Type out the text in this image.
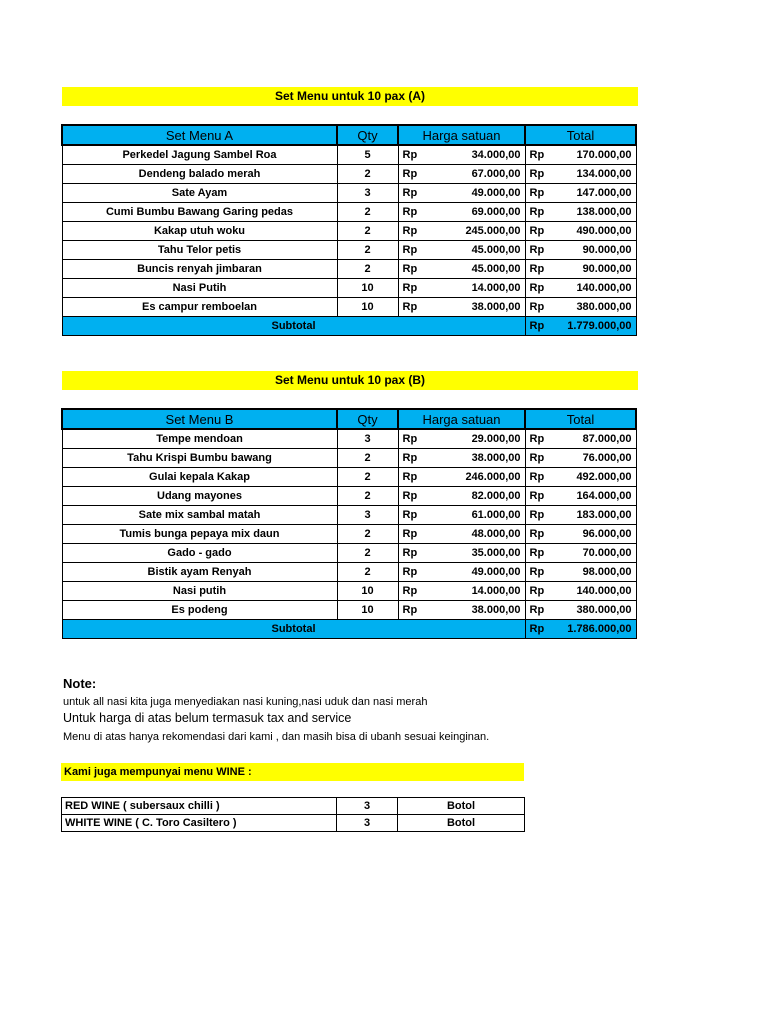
Set Menu untuk 10 pax (A)
Set Menu A	Qty	Harga satuan		Total	
Perkedel Jagung Sambel Roa	5	Rp	34.000,00	Rp	170.000,00
Dendeng balado merah	2	Rp	67.000,00	Rp	134.000,00
Sate Ayam	3	Rp	49.000,00	Rp	147.000,00
Cumi Bumbu Bawang Garing pedas	2	Rp	69.000,00	Rp	138.000,00
Kakap utuh woku	2	Rp	245.000,00	Rp	490.000,00
Tahu Telor petis	2	Rp	45.000,00	Rp	90.000,00
Buncis renyah jimbaran	2	Rp	45.000,00	Rp	90.000,00
Nasi Putih	10	Rp	14.000,00	Rp	140.000,00
Es campur remboelan	10	Rp	38.000,00	Rp	380.000,00
Subtotal				Rp	1.779.000,00
Set Menu untuk 10 pax (B)
Set Menu B	Qty	Harga satuan		Total	
Tempe mendoan	3	Rp	29.000,00	Rp	87.000,00
Tahu Krispi Bumbu bawang	2	Rp	38.000,00	Rp	76.000,00
Gulai kepala Kakap	2	Rp	246.000,00	Rp	492.000,00
Udang mayones	2	Rp	82.000,00	Rp	164.000,00
Sate mix sambal matah	3	Rp	61.000,00	Rp	183.000,00
Tumis bunga pepaya mix daun	2	Rp	48.000,00	Rp	96.000,00
Gado - gado	2	Rp	35.000,00	Rp	70.000,00
Bistik ayam Renyah	2	Rp	49.000,00	Rp	98.000,00
Nasi putih	10	Rp	14.000,00	Rp	140.000,00
Es podeng	10	Rp	38.000,00	Rp	380.000,00
Subtotal				Rp	1.786.000,00
Note:
untuk all nasi kita juga menyediakan nasi kuning,nasi uduk dan nasi merah
Untuk harga di atas belum termasuk tax and service
Menu di atas hanya rekomendasi dari kami , dan masih bisa di ubanh sesuai keinginan.
Kami juga mempunyai menu WINE :
RED WINE ( subersaux chilli )	3	Botol
WHITE WINE ( C. Toro Casiltero )	3	Botol
